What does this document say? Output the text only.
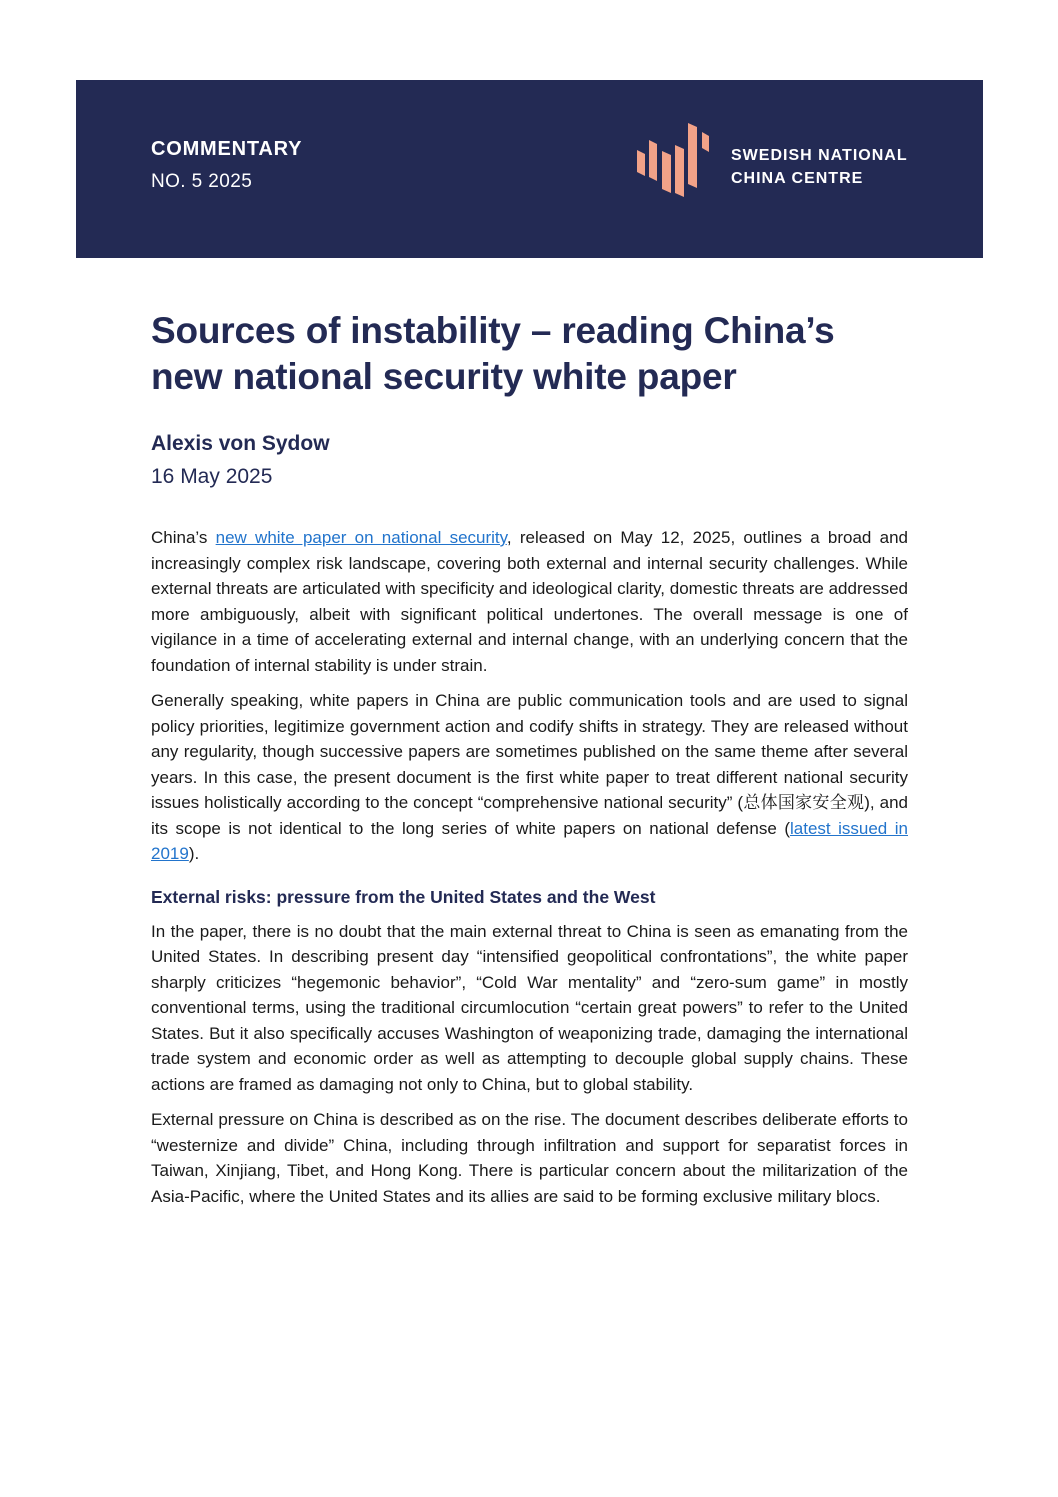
COMMENTARY
NO. 5 2025
SWEDISH NATIONAL
CHINA CENTRE
Sources of instability – reading China’s new national security white paper
Alexis von Sydow
16 May 2025

China’s new white paper on national security, released on May 12, 2025, outlines a broad and increasingly complex risk landscape, covering both external and internal security challenges. While external threats are articulated with specificity and ideological clarity, domestic threats are addressed more ambiguously, albeit with significant political undertones. The overall message is one of vigilance in a time of accelerating external and internal change, with an underlying concern that the foundation of internal stability is under strain.

Generally speaking, white papers in China are public communication tools and are used to signal policy priorities, legitimize government action and codify shifts in strategy. They are released without any regularity, though successive papers are sometimes published on the same theme after several years. In this case, the present document is the first white paper to treat different national security issues holistically according to the concept “comprehensive national security” (总体国家安全观), and its scope is not identical to the long series of white papers on national defense (latest issued in 2019).

External risks: pressure from the United States and the West

In the paper, there is no doubt that the main external threat to China is seen as emanating from the United States. In describing present day “intensified geopolitical confrontations”, the white paper sharply criticizes “hegemonic behavior”, “Cold War mentality” and “zero-sum game” in mostly conventional terms, using the traditional circumlocution “certain great powers” to refer to the United States. But it also specifically accuses Washington of weaponizing trade, damaging the international trade system and economic order as well as attempting to decouple global supply chains. These actions are framed as damaging not only to China, but to global stability.

External pressure on China is described as on the rise. The document describes deliberate efforts to “westernize and divide” China, including through infiltration and support for separatist forces in Taiwan, Xinjiang, Tibet, and Hong Kong. There is particular concern about the militarization of the Asia-Pacific, where the United States and its allies are said to be forming exclusive military blocs.
